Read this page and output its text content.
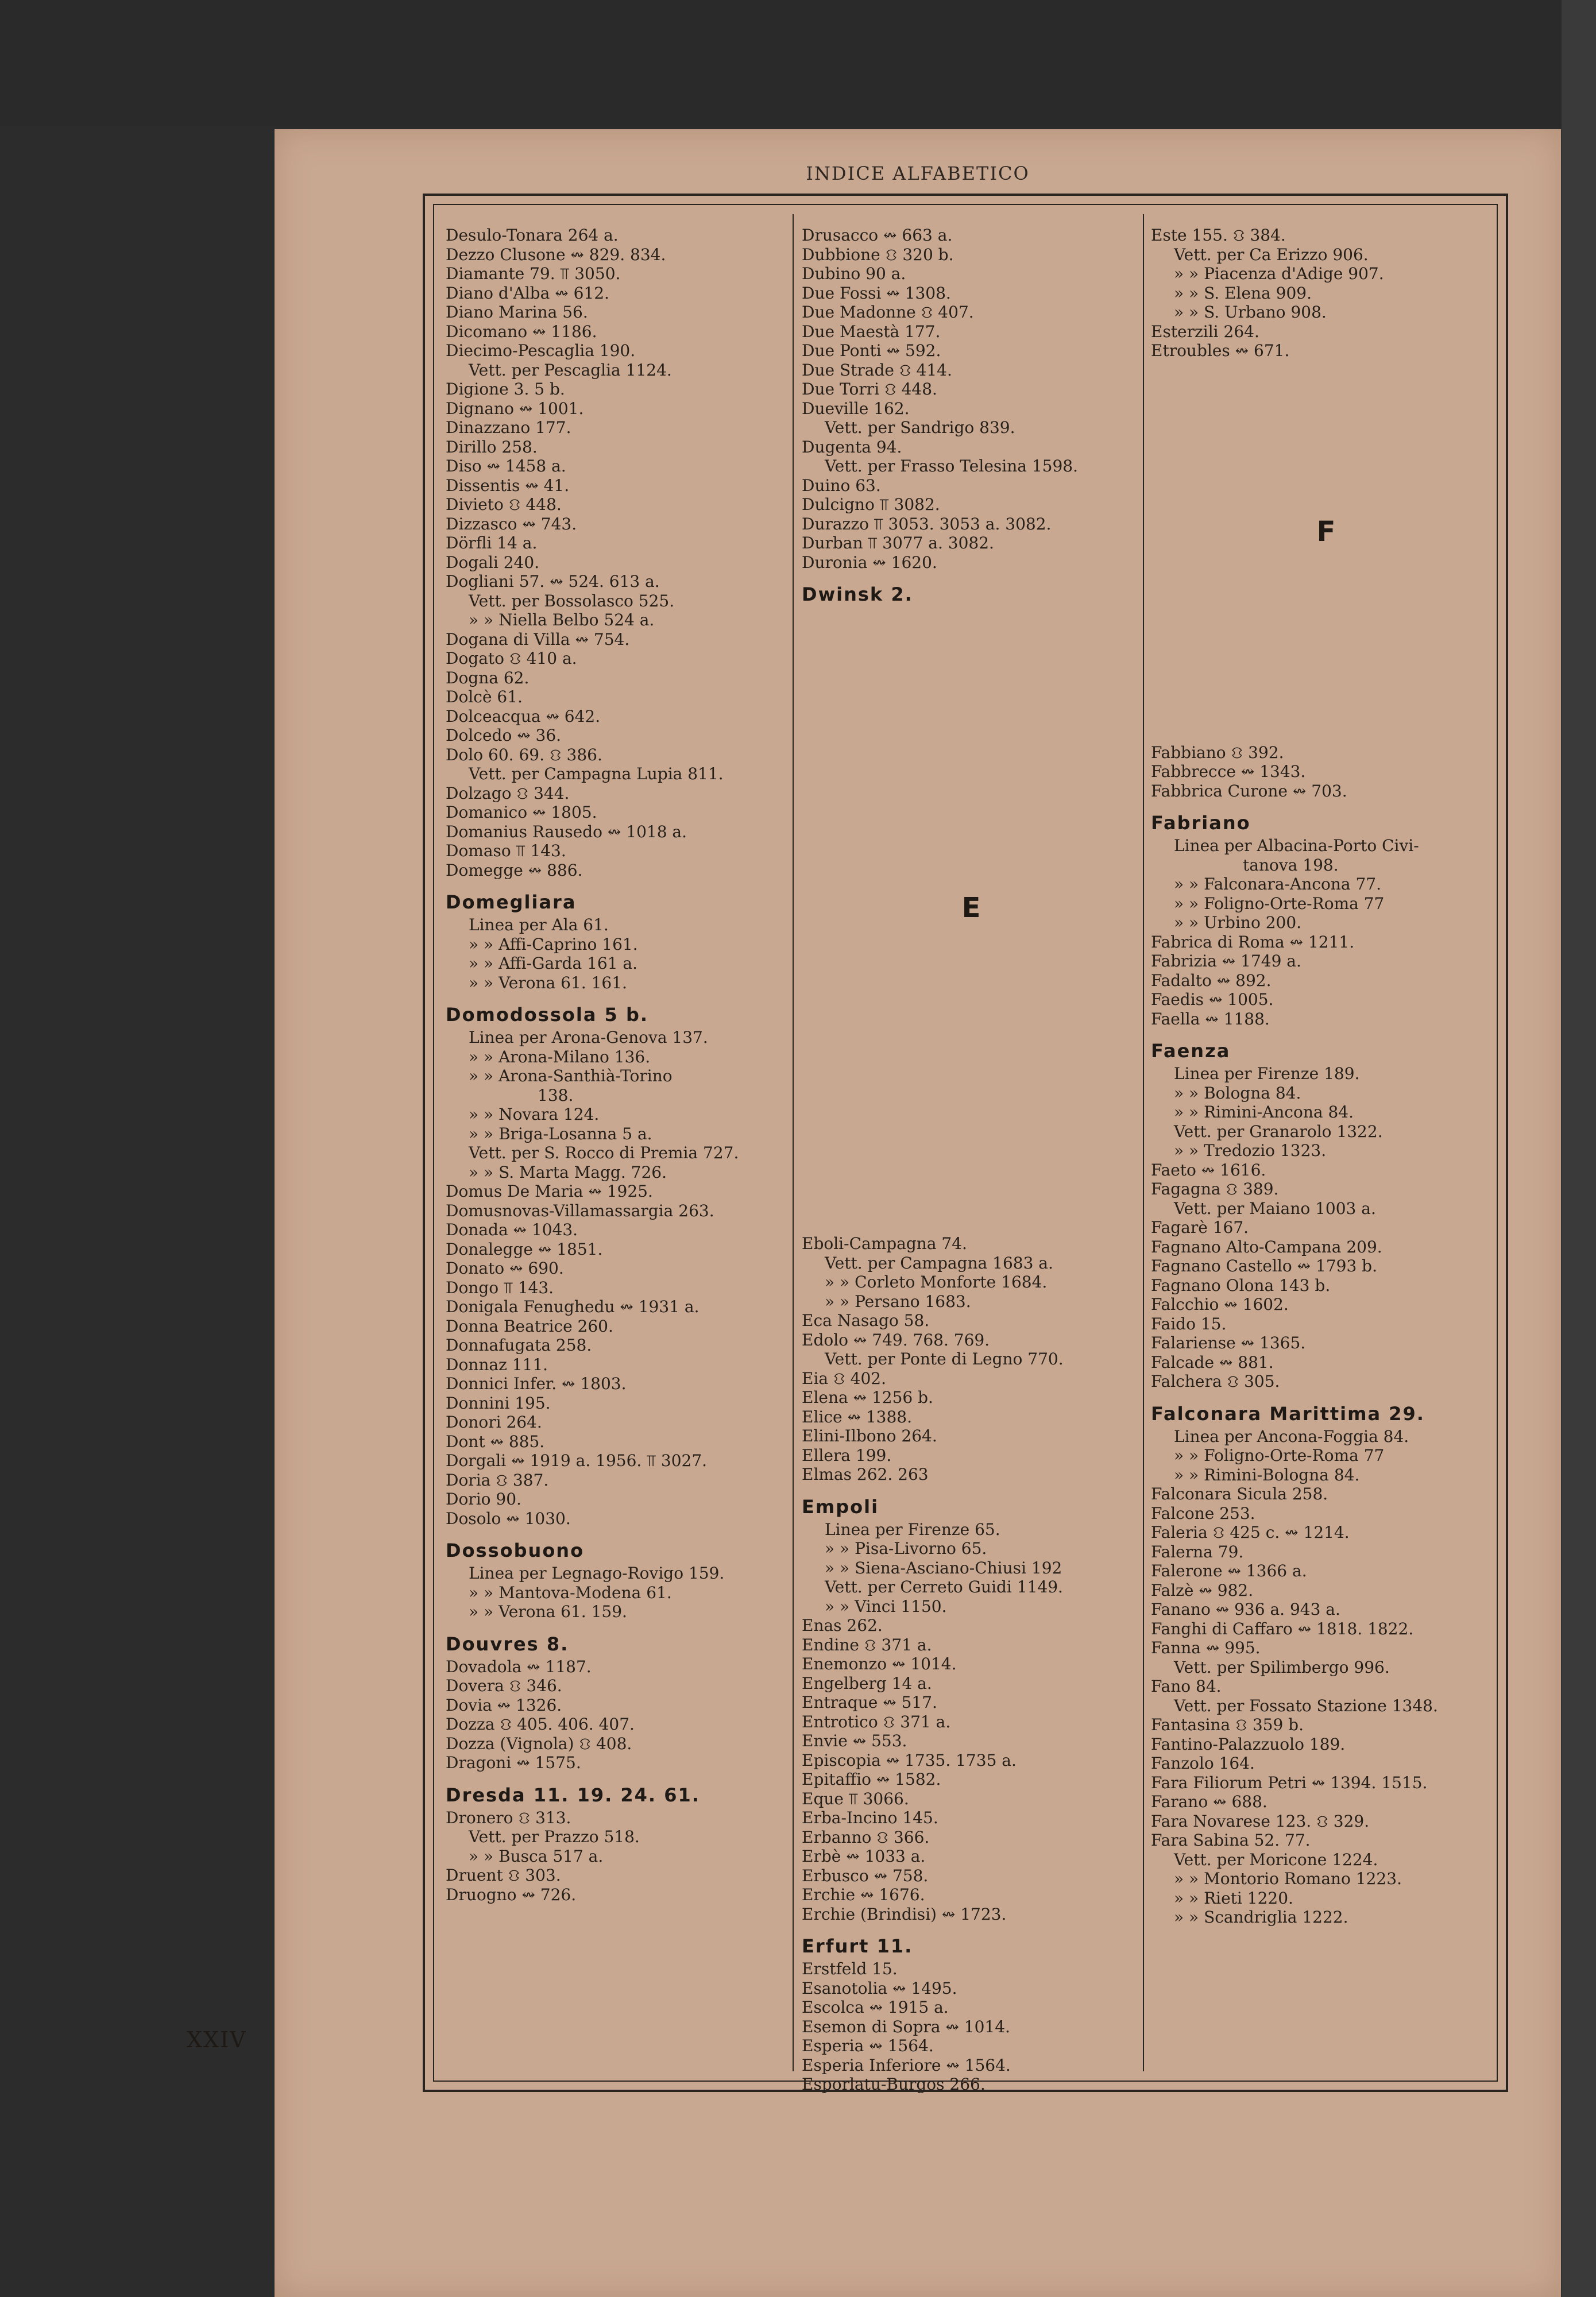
INDICE ALFABETICO
Desulo-Tonara 264 a.
Dezzo Clusone ↭ 829. 834.
Diamante 79. ⫪ 3050.
Diano d'Alba ↭ 612.
Diano Marina 56.
Dicomano ↭ 1186.
Diecimo-Pescaglia 190.
Vett. per Pescaglia 1124.
Digione 3. 5 b.
Dignano ↭ 1001.
Dinazzano 177.
Dirillo 258.
Diso ↭ 1458 a.
Dissentis ↭ 41.
Divieto ⛻ 448.
Dizzasco ↭ 743.
Dörfli 14 a.
Dogali 240.
Dogliani 57. ↭ 524. 613 a.
Vett. per Bossolasco 525.
» » Niella Belbo 524 a.
Dogana di Villa ↭ 754.
Dogato ⛻ 410 a.
Dogna 62.
Dolcè 61.
Dolceacqua ↭ 642.
Dolcedo ↭ 36.
Dolo 60. 69. ⛻ 386.
Vett. per Campagna Lupia 811.
Dolzago ⛻ 344.
Domanico ↭ 1805.
Domanius Rausedo ↭ 1018 a.
Domaso ⫪ 143.
Domegge ↭ 886.
Domegliara
Linea per Ala 61.
» » Affi-Caprino 161.
» » Affi-Garda 161 a.
» » Verona 61. 161.
Domodossola 5 b.
Linea per Arona-Genova 137.
» » Arona-Milano 136.
» » Arona-Santhià-Torino
138.
» » Novara 124.
» » Briga-Losanna 5 a.
Vett. per S. Rocco di Premia 727.
» » S. Marta Magg. 726.
Domus De Maria ↭ 1925.
Domusnovas-Villamassargia 263.
Donada ↭ 1043.
Donalegge ↭ 1851.
Donato ↭ 690.
Dongo ⫪ 143.
Donigala Fenughedu ↭ 1931 a.
Donna Beatrice 260.
Donnafugata 258.
Donnaz 111.
Donnici Infer. ↭ 1803.
Donnini 195.
Donori 264.
Dont ↭ 885.
Dorgali ↭ 1919 a. 1956. ⫪ 3027.
Doria ⛻ 387.
Dorio 90.
Dosolo ↭ 1030.
Dossobuono
Linea per Legnago-Rovigo 159.
» » Mantova-Modena 61.
» » Verona 61. 159.
Douvres 8.
Dovadola ↭ 1187.
Dovera ⛻ 346.
Dovia ↭ 1326.
Dozza ⛻ 405. 406. 407.
Dozza (Vignola) ⛻ 408.
Dragoni ↭ 1575.
Dresda 11. 19. 24. 61.
Dronero ⛻ 313.
Vett. per Prazzo 518.
» » Busca 517 a.
Druent ⛻ 303.
Druogno ↭ 726.
Drusacco ↭ 663 a.
Dubbione ⛻ 320 b.
Dubino 90 a.
Due Fossi ↭ 1308.
Due Madonne ⛻ 407.
Due Maestà 177.
Due Ponti ↭ 592.
Due Strade ⛻ 414.
Due Torri ⛻ 448.
Dueville 162.
Vett. per Sandrigo 839.
Dugenta 94.
Vett. per Frasso Telesina 1598.
Duino 63.
Dulcigno ⫪ 3082.
Durazzo ⫪ 3053. 3053 a. 3082.
Durban ⫪ 3077 a. 3082.
Duronia ↭ 1620.
Dwinsk 2.
E
Eboli-Campagna 74.
Vett. per Campagna 1683 a.
» » Corleto Monforte 1684.
» » Persano 1683.
Eca Nasago 58.
Edolo ↭ 749. 768. 769.
Vett. per Ponte di Legno 770.
Eia ⛻ 402.
Elena ↭ 1256 b.
Elice ↭ 1388.
Elini-Ilbono 264.
Ellera 199.
Elmas 262. 263
Empoli
Linea per Firenze 65.
» » Pisa-Livorno 65.
» » Siena-Asciano-Chiusi 192
Vett. per Cerreto Guidi 1149.
» » Vinci 1150.
Enas 262.
Endine ⛻ 371 a.
Enemonzo ↭ 1014.
Engelberg 14 a.
Entraque ↭ 517.
Entrotico ⛻ 371 a.
Envie ↭ 553.
Episcopia ↭ 1735. 1735 a.
Epitaffio ↭ 1582.
Eque ⫪ 3066.
Erba-Incino 145.
Erbanno ⛻ 366.
Erbè ↭ 1033 a.
Erbusco ↭ 758.
Erchie ↭ 1676.
Erchie (Brindisi) ↭ 1723.
Erfurt 11.
Erstfeld 15.
Esanotolia ↭ 1495.
Escolca ↭ 1915 a.
Esemon di Sopra ↭ 1014.
Esperia ↭ 1564.
Esperia Inferiore ↭ 1564.
Esporlatu-Burgos 266.
Este 155. ⛻ 384.
Vett. per Ca Erizzo 906.
» » Piacenza d'Adige 907.
» » S. Elena 909.
» » S. Urbano 908.
Esterzili 264.
Etroubles ↭ 671.
F
Fabbiano ⛻ 392.
Fabbrecce ↭ 1343.
Fabbrica Curone ↭ 703.
Fabriano
Linea per Albacina-Porto Civi-
tanova 198.
» » Falconara-Ancona 77.
» » Foligno-Orte-Roma 77
» » Urbino 200.
Fabrica di Roma ↭ 1211.
Fabrizia ↭ 1749 a.
Fadalto ↭ 892.
Faedis ↭ 1005.
Faella ↭ 1188.
Faenza
Linea per Firenze 189.
» » Bologna 84.
» » Rimini-Ancona 84.
Vett. per Granarolo 1322.
» » Tredozio 1323.
Faeto ↭ 1616.
Fagagna ⛻ 389.
Vett. per Maiano 1003 a.
Fagarè 167.
Fagnano Alto-Campana 209.
Fagnano Castello ↭ 1793 b.
Fagnano Olona 143 b.
Falcchio ↭ 1602.
Faido 15.
Falariense ↭ 1365.
Falcade ↭ 881.
Falchera ⛻ 305.
Falconara Marittima 29.
Linea per Ancona-Foggia 84.
» » Foligno-Orte-Roma 77
» » Rimini-Bologna 84.
Falconara Sicula 258.
Falcone 253.
Faleria ⛻ 425 c. ↭ 1214.
Falerna 79.
Falerone ↭ 1366 a.
Falzè ↭ 982.
Fanano ↭ 936 a. 943 a.
Fanghi di Caffaro ↭ 1818. 1822.
Fanna ↭ 995.
Vett. per Spilimbergo 996.
Fano 84.
Vett. per Fossato Stazione 1348.
Fantasina ⛻ 359 b.
Fantino-Palazzuolo 189.
Fanzolo 164.
Fara Filiorum Petri ↭ 1394. 1515.
Farano ↭ 688.
Fara Novarese 123. ⛻ 329.
Fara Sabina 52. 77.
Vett. per Moricone 1224.
» » Montorio Romano 1223.
» » Rieti 1220.
» » Scandriglia 1222.
XXIV
